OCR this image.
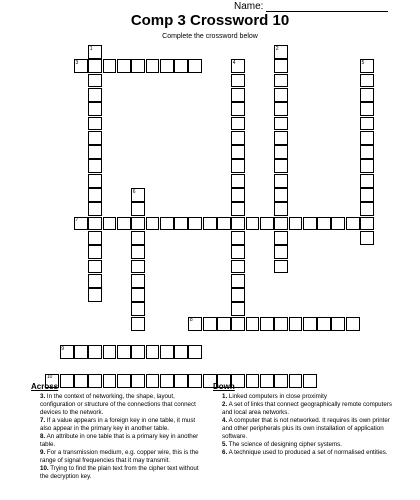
Name:
Comp 3 Crossword 10
Complete the crossword below
1	2
3	4	5
6
7
8
9
10
Across
3. In the context of networking, the shape, layout, configuration or structure of the connections that connect devices to the network.
7. If a value appears in a foreign key in one table, it must also appear in the primary key in another table.
8. An attribute in one table that is a primary key in another table.
9. For a transmission medium, e.g. copper wire, this is the range of signal frequencies that it may transmit.
10. Trying to find the plain text from the cipher text without the decryption key.
Down
1. Linked computers in close proximity
2. A set of links that connect geographically remote computers and local area networks.
4. A computer that is not networked. It requires its own printer and other peripherals plus its own installation of application software.
5. The science of designing cipher systems.
6. A technique used to produced a set of normalised entities.
